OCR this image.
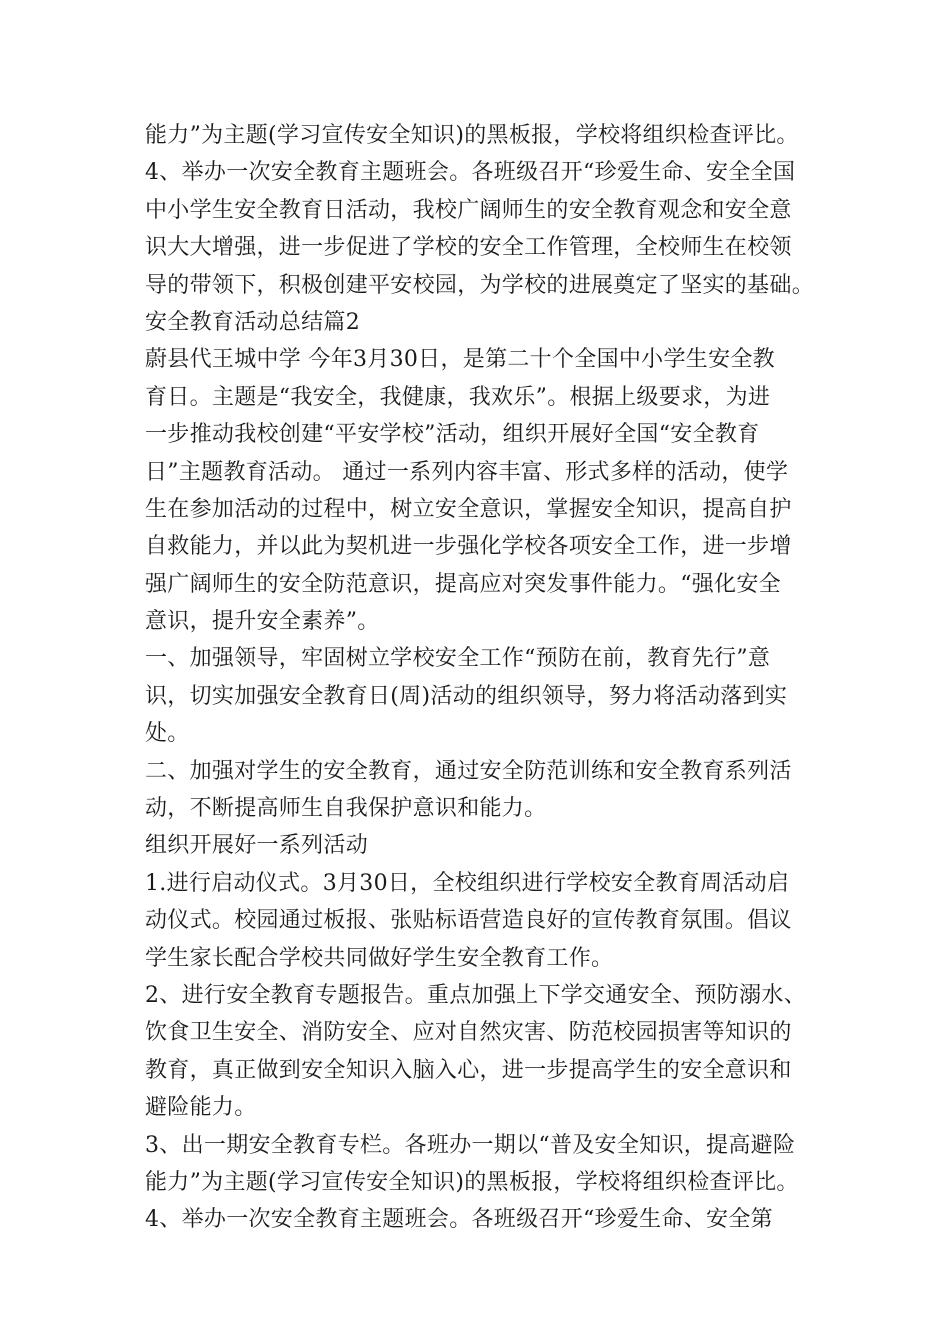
能力”为主题(学习宣传安全知识)的黑板报，学校将组织检查评比。
4、举办一次安全教育主题班会。各班级召开“珍爱生命、安全全国
中小学生安全教育日活动，我校广阔师生的安全教育观念和安全意
识大大增强，进一步促进了学校的安全工作管理，全校师生在校领
导的带领下，积极创建平安校园，为学校的进展奠定了坚实的基础。
安全教育活动总结篇2
蔚县代王城中学 今年3月30日，是第二十个全国中小学生安全教
育日。主题是“我安全，我健康，我欢乐”。根据上级要求，为进
一步推动我校创建“平安学校”活动，组织开展好全国“安全教育
日”主题教育活动。 通过一系列内容丰富、形式多样的活动，使学
生在参加活动的过程中，树立安全意识，掌握安全知识，提高自护
自救能力，并以此为契机进一步强化学校各项安全工作，进一步增
强广阔师生的安全防范意识，提高应对突发事件能力。“强化安全
意识，提升安全素养”。
一、加强领导，牢固树立学校安全工作“预防在前，教育先行”意
识，切实加强安全教育日(周)活动的组织领导，努力将活动落到实
处。
二、加强对学生的安全教育，通过安全防范训练和安全教育系列活
动，不断提高师生自我保护意识和能力。
组织开展好一系列活动
1.进行启动仪式。3月30日，全校组织进行学校安全教育周活动启
动仪式。校园通过板报、张贴标语营造良好的宣传教育氛围。倡议
学生家长配合学校共同做好学生安全教育工作。
2、进行安全教育专题报告。重点加强上下学交通安全、预防溺水、
饮食卫生安全、消防安全、应对自然灾害、防范校园损害等知识的
教育，真正做到安全知识入脑入心，进一步提高学生的安全意识和
避险能力。
3、出一期安全教育专栏。各班办一期以“普及安全知识，提高避险
能力”为主题(学习宣传安全知识)的黑板报，学校将组织检查评比。
4、举办一次安全教育主题班会。各班级召开“珍爱生命、安全第
